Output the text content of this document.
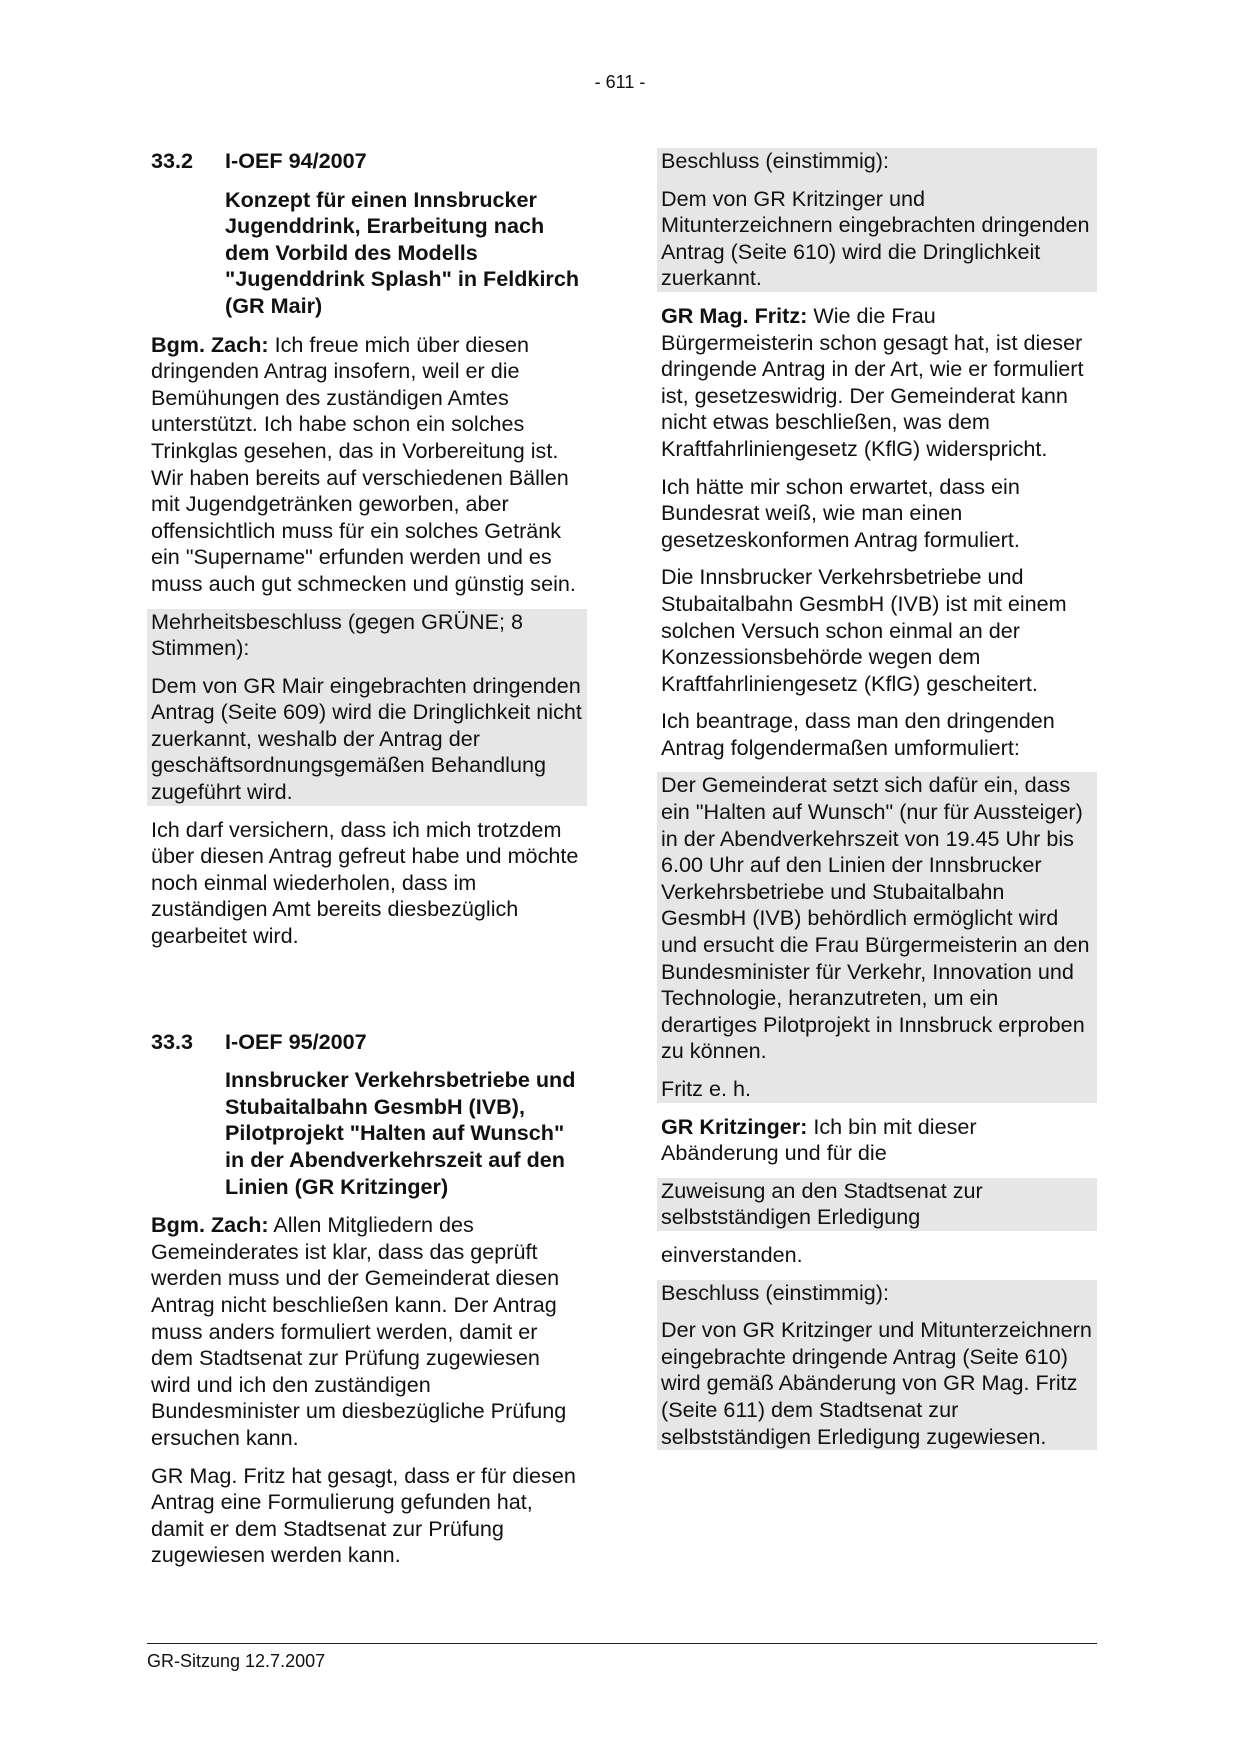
- 611 -
33.2	I-OEF 94/2007
Konzept für einen Innsbrucker Jugenddrink, Erarbeitung nach dem Vorbild des Modells "Jugenddrink Splash" in Feldkirch (GR Mair)

Bgm. Zach: Ich freue mich über diesen dringenden Antrag insofern, weil er die Bemühungen des zuständigen Amtes unterstützt. Ich habe schon ein solches Trinkglas gesehen, das in Vorbereitung ist. Wir haben bereits auf verschiedenen Bällen mit Jugendgetränken geworben, aber offensichtlich muss für ein solches Getränk ein "Supername" erfunden werden und es muss auch gut schmecken und günstig sein.

Mehrheitsbeschluss (gegen GRÜNE; 8 Stimmen):

Dem von GR Mair eingebrachten dringenden Antrag (Seite 609) wird die Dringlichkeit nicht zuerkannt, weshalb der Antrag der geschäftsordnungsgemäßen Behandlung zugeführt wird.

Ich darf versichern, dass ich mich trotzdem über diesen Antrag gefreut habe und möchte noch einmal wiederholen, dass im zuständigen Amt bereits diesbezüglich gearbeitet wird.

33.3	I-OEF 95/2007
Innsbrucker Verkehrsbetriebe und Stubaitalbahn GesmbH (IVB), Pilotprojekt "Halten auf Wunsch" in der Abendverkehrszeit auf den Linien (GR Kritzinger)

Bgm. Zach: Allen Mitgliedern des Gemeinderates ist klar, dass das geprüft werden muss und der Gemeinderat diesen Antrag nicht beschließen kann. Der Antrag muss anders formuliert werden, damit er dem Stadtsenat zur Prüfung zugewiesen wird und ich den zuständigen Bundesminister um diesbezügliche Prüfung ersuchen kann.

GR Mag. Fritz hat gesagt, dass er für diesen Antrag eine Formulierung gefunden hat, damit er dem Stadtsenat zur Prüfung zugewiesen werden kann.

Beschluss (einstimmig):

Dem von GR Kritzinger und Mitunterzeichnern eingebrachten dringenden Antrag (Seite 610) wird die Dringlichkeit zuerkannt.

GR Mag. Fritz: Wie die Frau Bürgermeisterin schon gesagt hat, ist dieser dringende Antrag in der Art, wie er formuliert ist, gesetzeswidrig. Der Gemeinderat kann nicht etwas beschließen, was dem Kraftfahrliniengesetz (KflG) widerspricht.

Ich hätte mir schon erwartet, dass ein Bundesrat weiß, wie man einen gesetzeskonformen Antrag formuliert.

Die Innsbrucker Verkehrsbetriebe und Stubaitalbahn GesmbH (IVB) ist mit einem solchen Versuch schon einmal an der Konzessionsbehörde wegen dem Kraftfahrliniengesetz (KflG) gescheitert.

Ich beantrage, dass man den dringenden Antrag folgendermaßen umformuliert:

Der Gemeinderat setzt sich dafür ein, dass ein "Halten auf Wunsch" (nur für Aussteiger) in der Abendverkehrszeit von 19.45 Uhr bis 6.00 Uhr auf den Linien der Innsbrucker Verkehrsbetriebe und Stubaitalbahn GesmbH (IVB) behördlich ermöglicht wird und ersucht die Frau Bürgermeisterin an den Bundesminister für Verkehr, Innovation und Technologie, heranzutreten, um ein derartiges Pilotprojekt in Innsbruck erproben zu können.

Fritz e. h.

GR Kritzinger: Ich bin mit dieser Abänderung und für die

Zuweisung an den Stadtsenat zur selbstständigen Erledigung

einverstanden.

Beschluss (einstimmig):

Der von GR Kritzinger und Mitunterzeichnern eingebrachte dringende Antrag (Seite 610) wird gemäß Abänderung von GR Mag. Fritz (Seite 611) dem Stadtsenat zur selbstständigen Erledigung zugewiesen.

GR-Sitzung 12.7.2007
